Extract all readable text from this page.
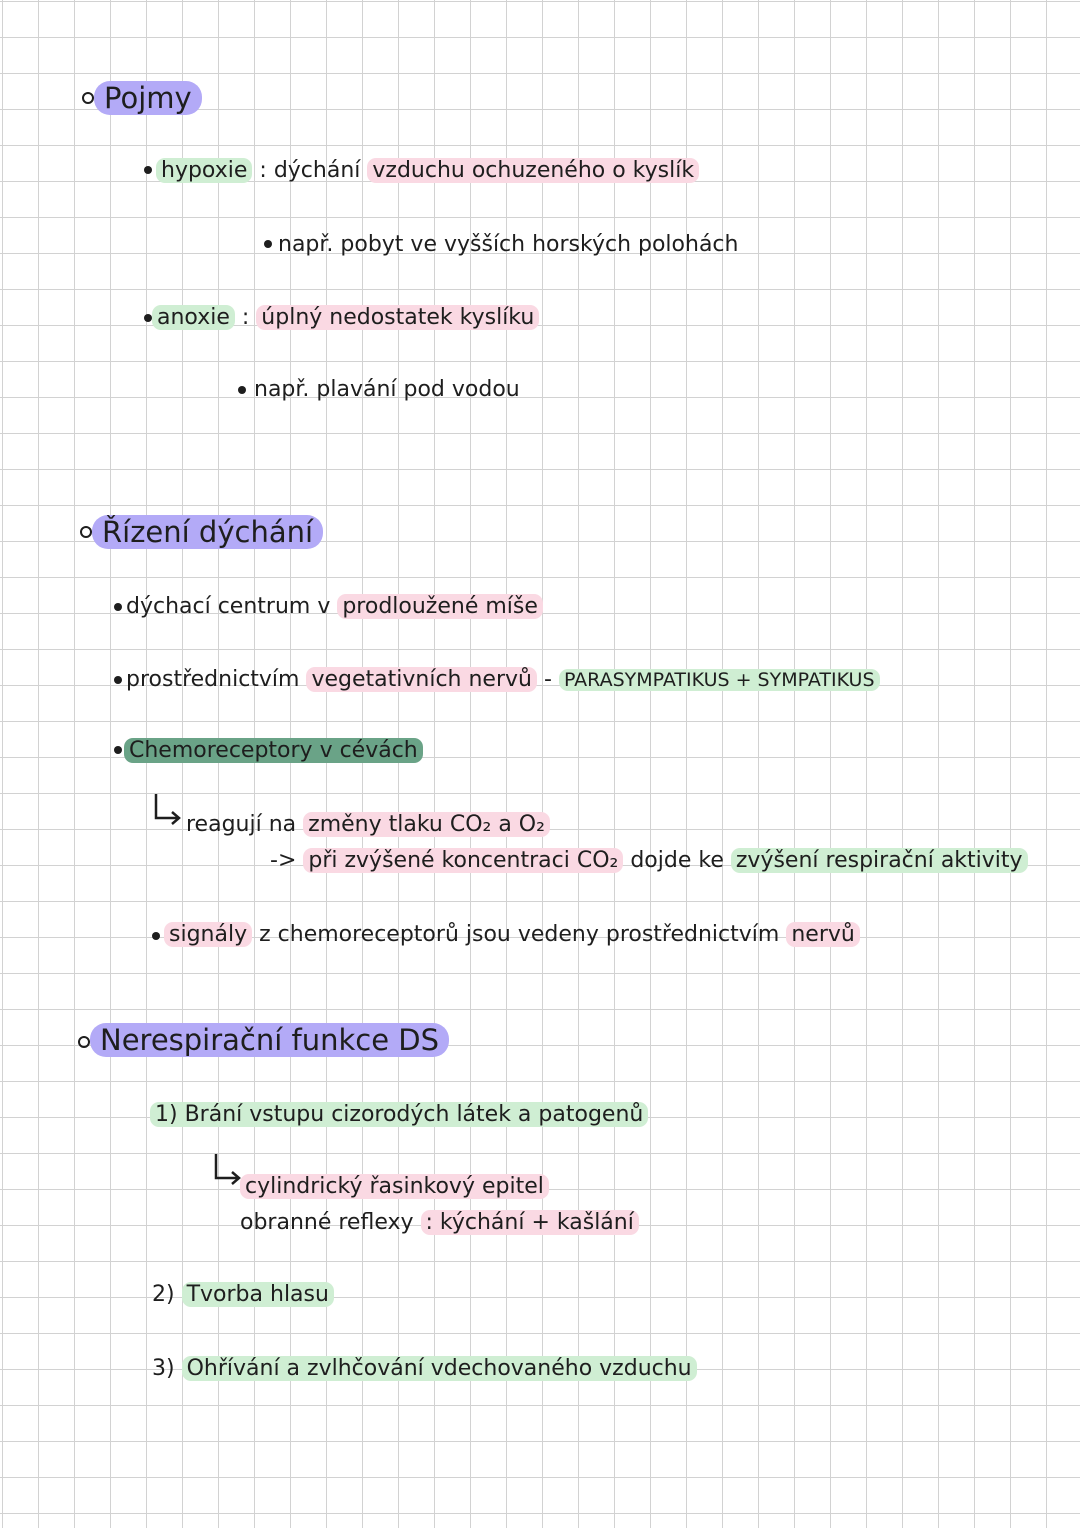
Pojmy
hypoxie : dýchání vzduchu ochuzeného o kyslík
např. pobyt ve vyšších horských polohách
anoxie : úplný nedostatek kyslíku
např. plavání pod vodou
Řízení dýchání
dýchací centrum v prodloužené míše
prostřednictvím vegetativních nervů - PARASYMPATIKUS + SYMPATIKUS
Chemoreceptory v cévách
reagují na změny tlaku CO₂ a O₂
-> při zvýšené koncentraci CO₂ dojde ke zvýšení respirační aktivity
signály z chemoreceptorů jsou vedeny prostřednictvím nervů
Nerespirační funkce DS
1) Brání vstupu cizorodých látek a patogenů
cylindrický řasinkový epitel
obranné reflexy : kýchání + kašlání
2) Tvorba hlasu
3) Ohřívání a zvlhčování vdechovaného vzduchu
